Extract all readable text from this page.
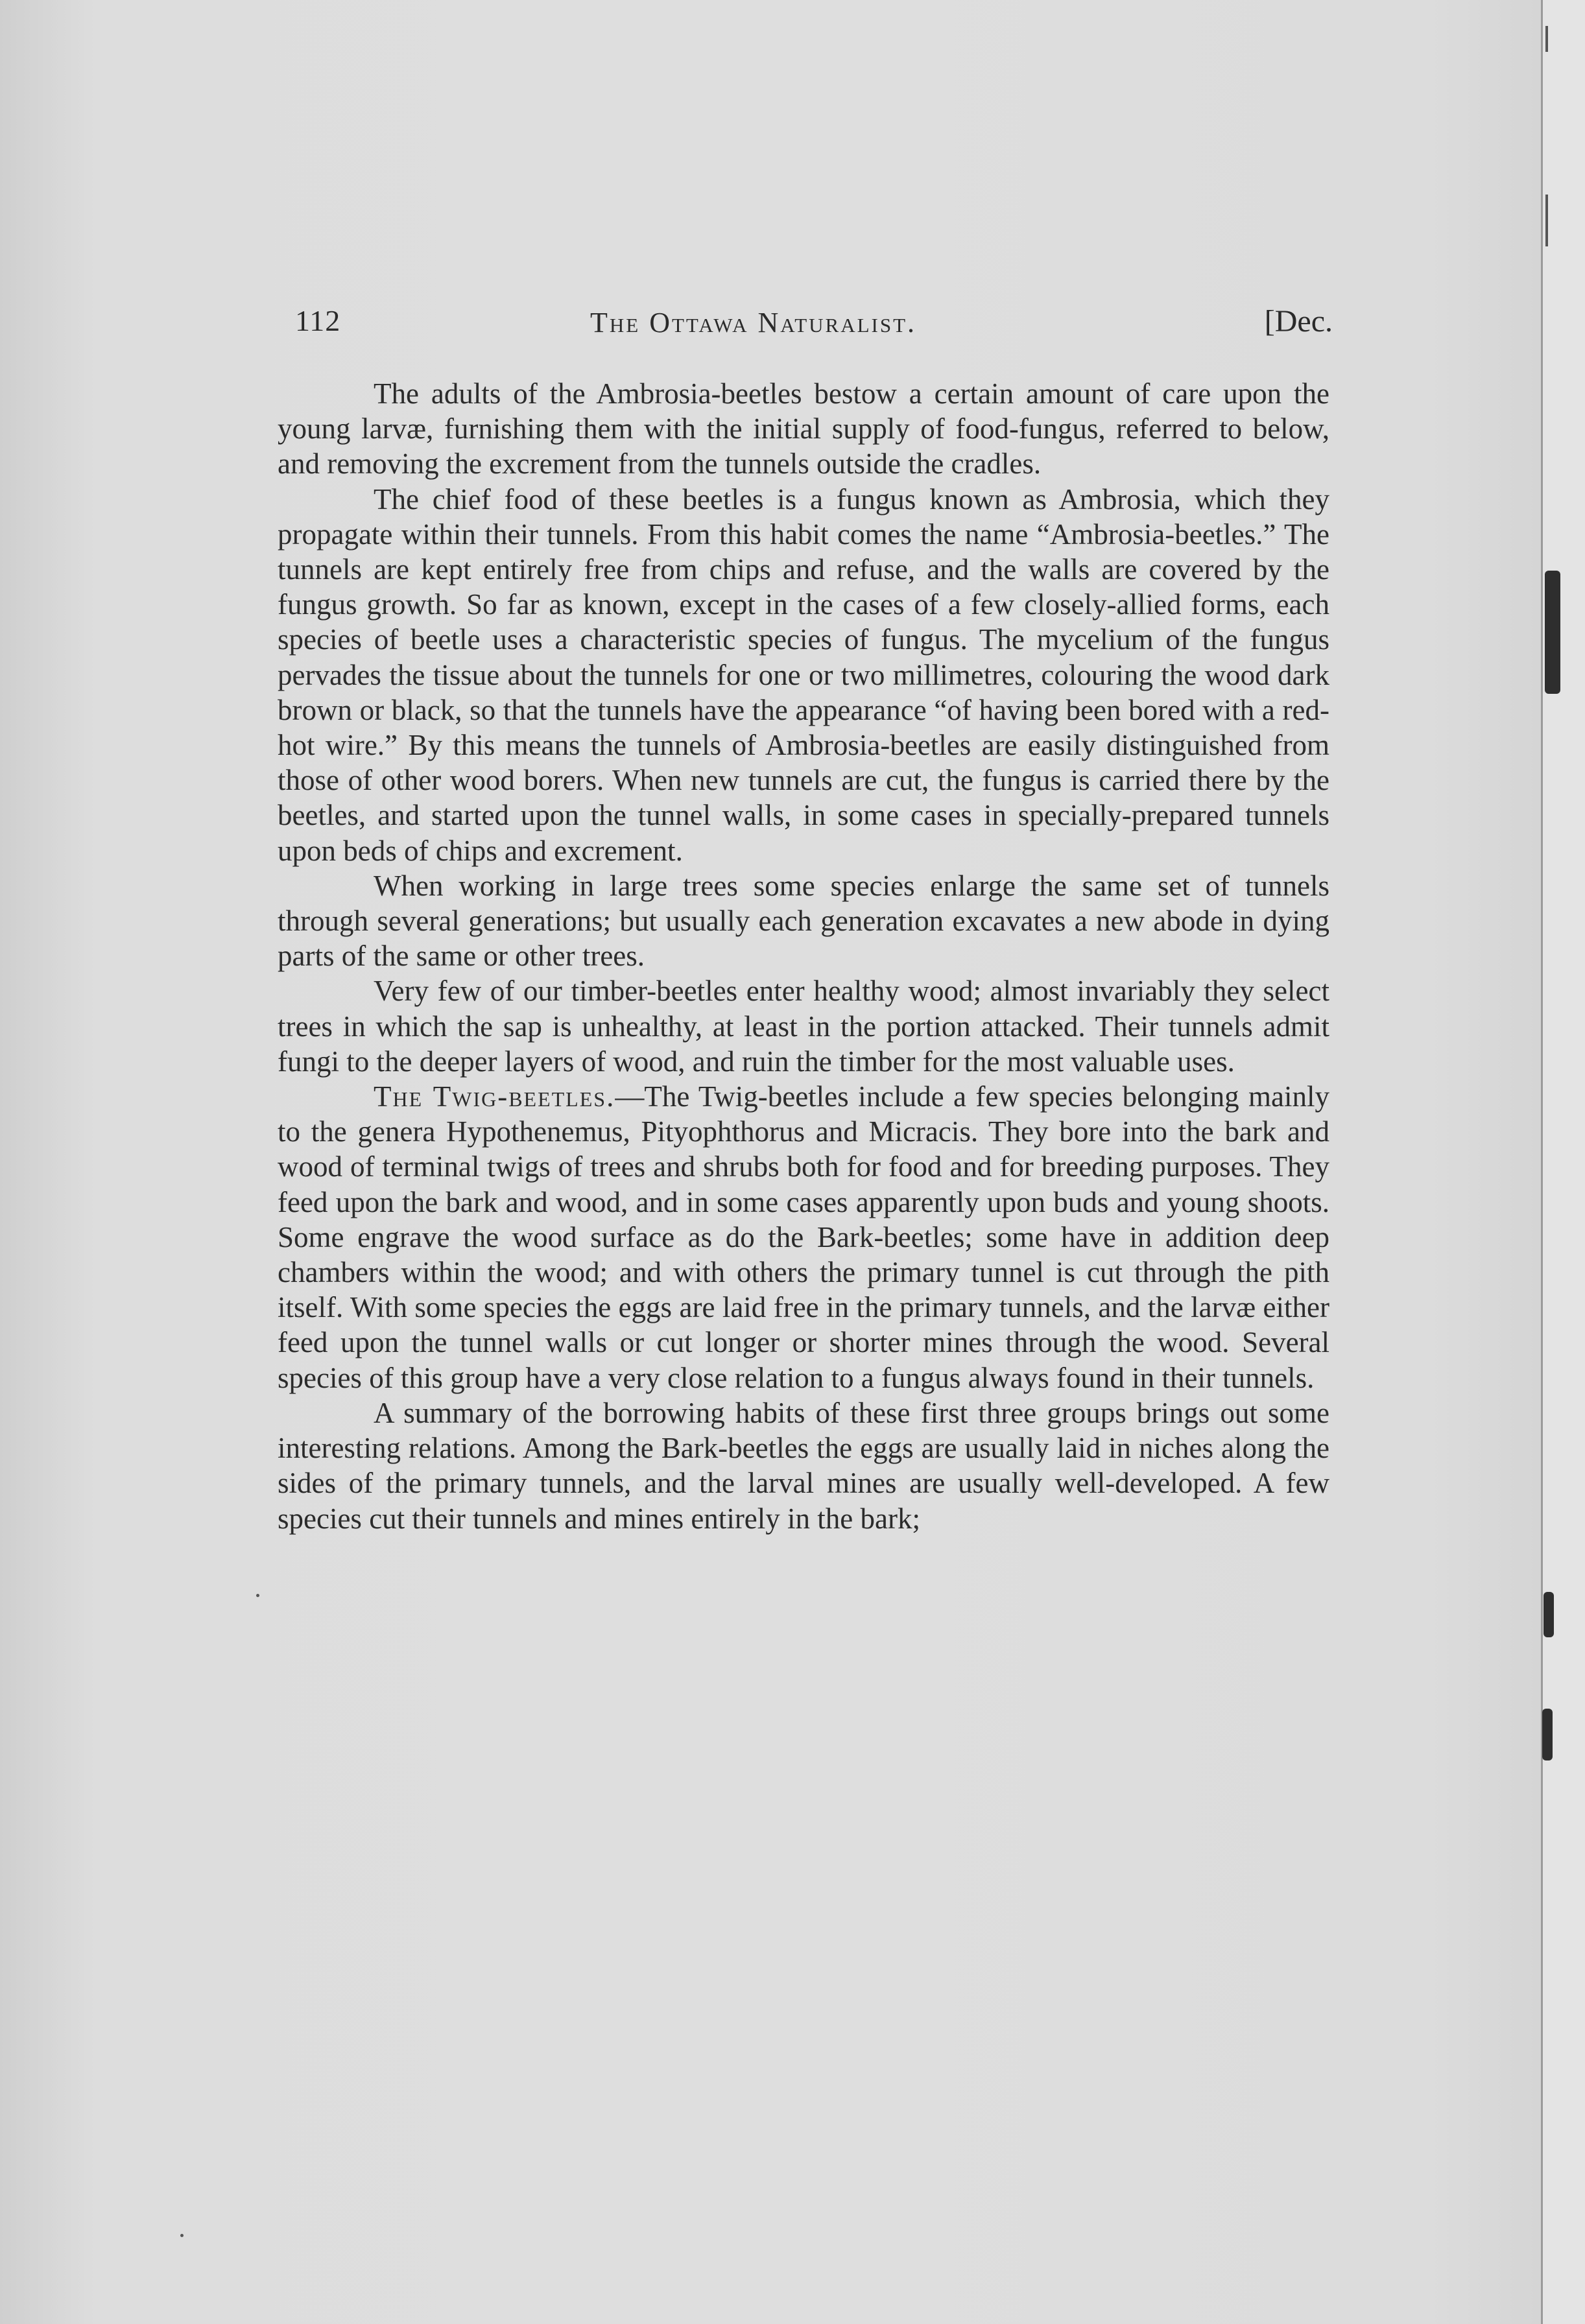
112	The Ottawa Naturalist.	[Dec.

The adults of the Ambrosia-beetles bestow a certain amount of care upon the young larvæ, furnishing them with the initial supply of food-fungus, referred to below, and removing the excrement from the tunnels outside the cradles.

The chief food of these beetles is a fungus known as Ambrosia, which they propagate within their tunnels. From this habit comes the name “Ambrosia-beetles.” The tunnels are kept entirely free from chips and refuse, and the walls are covered by the fungus growth. So far as known, except in the cases of a few closely-allied forms, each species of beetle uses a characteristic species of fungus. The mycelium of the fungus pervades the tissue about the tunnels for one or two millimetres, colouring the wood dark brown or black, so that the tunnels have the appearance “of having been bored with a red-hot wire.” By this means the tunnels of Ambrosia-beetles are easily distinguished from those of other wood borers. When new tunnels are cut, the fungus is carried there by the beetles, and started upon the tunnel walls, in some cases in specially-prepared tunnels upon beds of chips and excrement.

When working in large trees some species enlarge the same set of tunnels through several generations; but usually each generation excavates a new abode in dying parts of the same or other trees.

Very few of our timber-beetles enter healthy wood; almost invariably they select trees in which the sap is unhealthy, at least in the portion attacked. Their tunnels admit fungi to the deeper layers of wood, and ruin the timber for the most valuable uses.

The Twig-beetles.—The Twig-beetles include a few species belonging mainly to the genera Hypothenemus, Pityophthorus and Micracis. They bore into the bark and wood of terminal twigs of trees and shrubs both for food and for breeding purposes. They feed upon the bark and wood, and in some cases apparently upon buds and young shoots. Some engrave the wood surface as do the Bark-beetles; some have in addition deep chambers within the wood; and with others the primary tunnel is cut through the pith itself. With some species the eggs are laid free in the primary tunnels, and the larvæ either feed upon the tunnel walls or cut longer or shorter mines through the wood. Several species of this group have a very close relation to a fungus always found in their tunnels.

A summary of the borrowing habits of these first three groups brings out some interesting relations. Among the Bark-beetles the eggs are usually laid in niches along the sides of the primary tunnels, and the larval mines are usually well-developed. A few species cut their tunnels and mines entirely in the bark;
